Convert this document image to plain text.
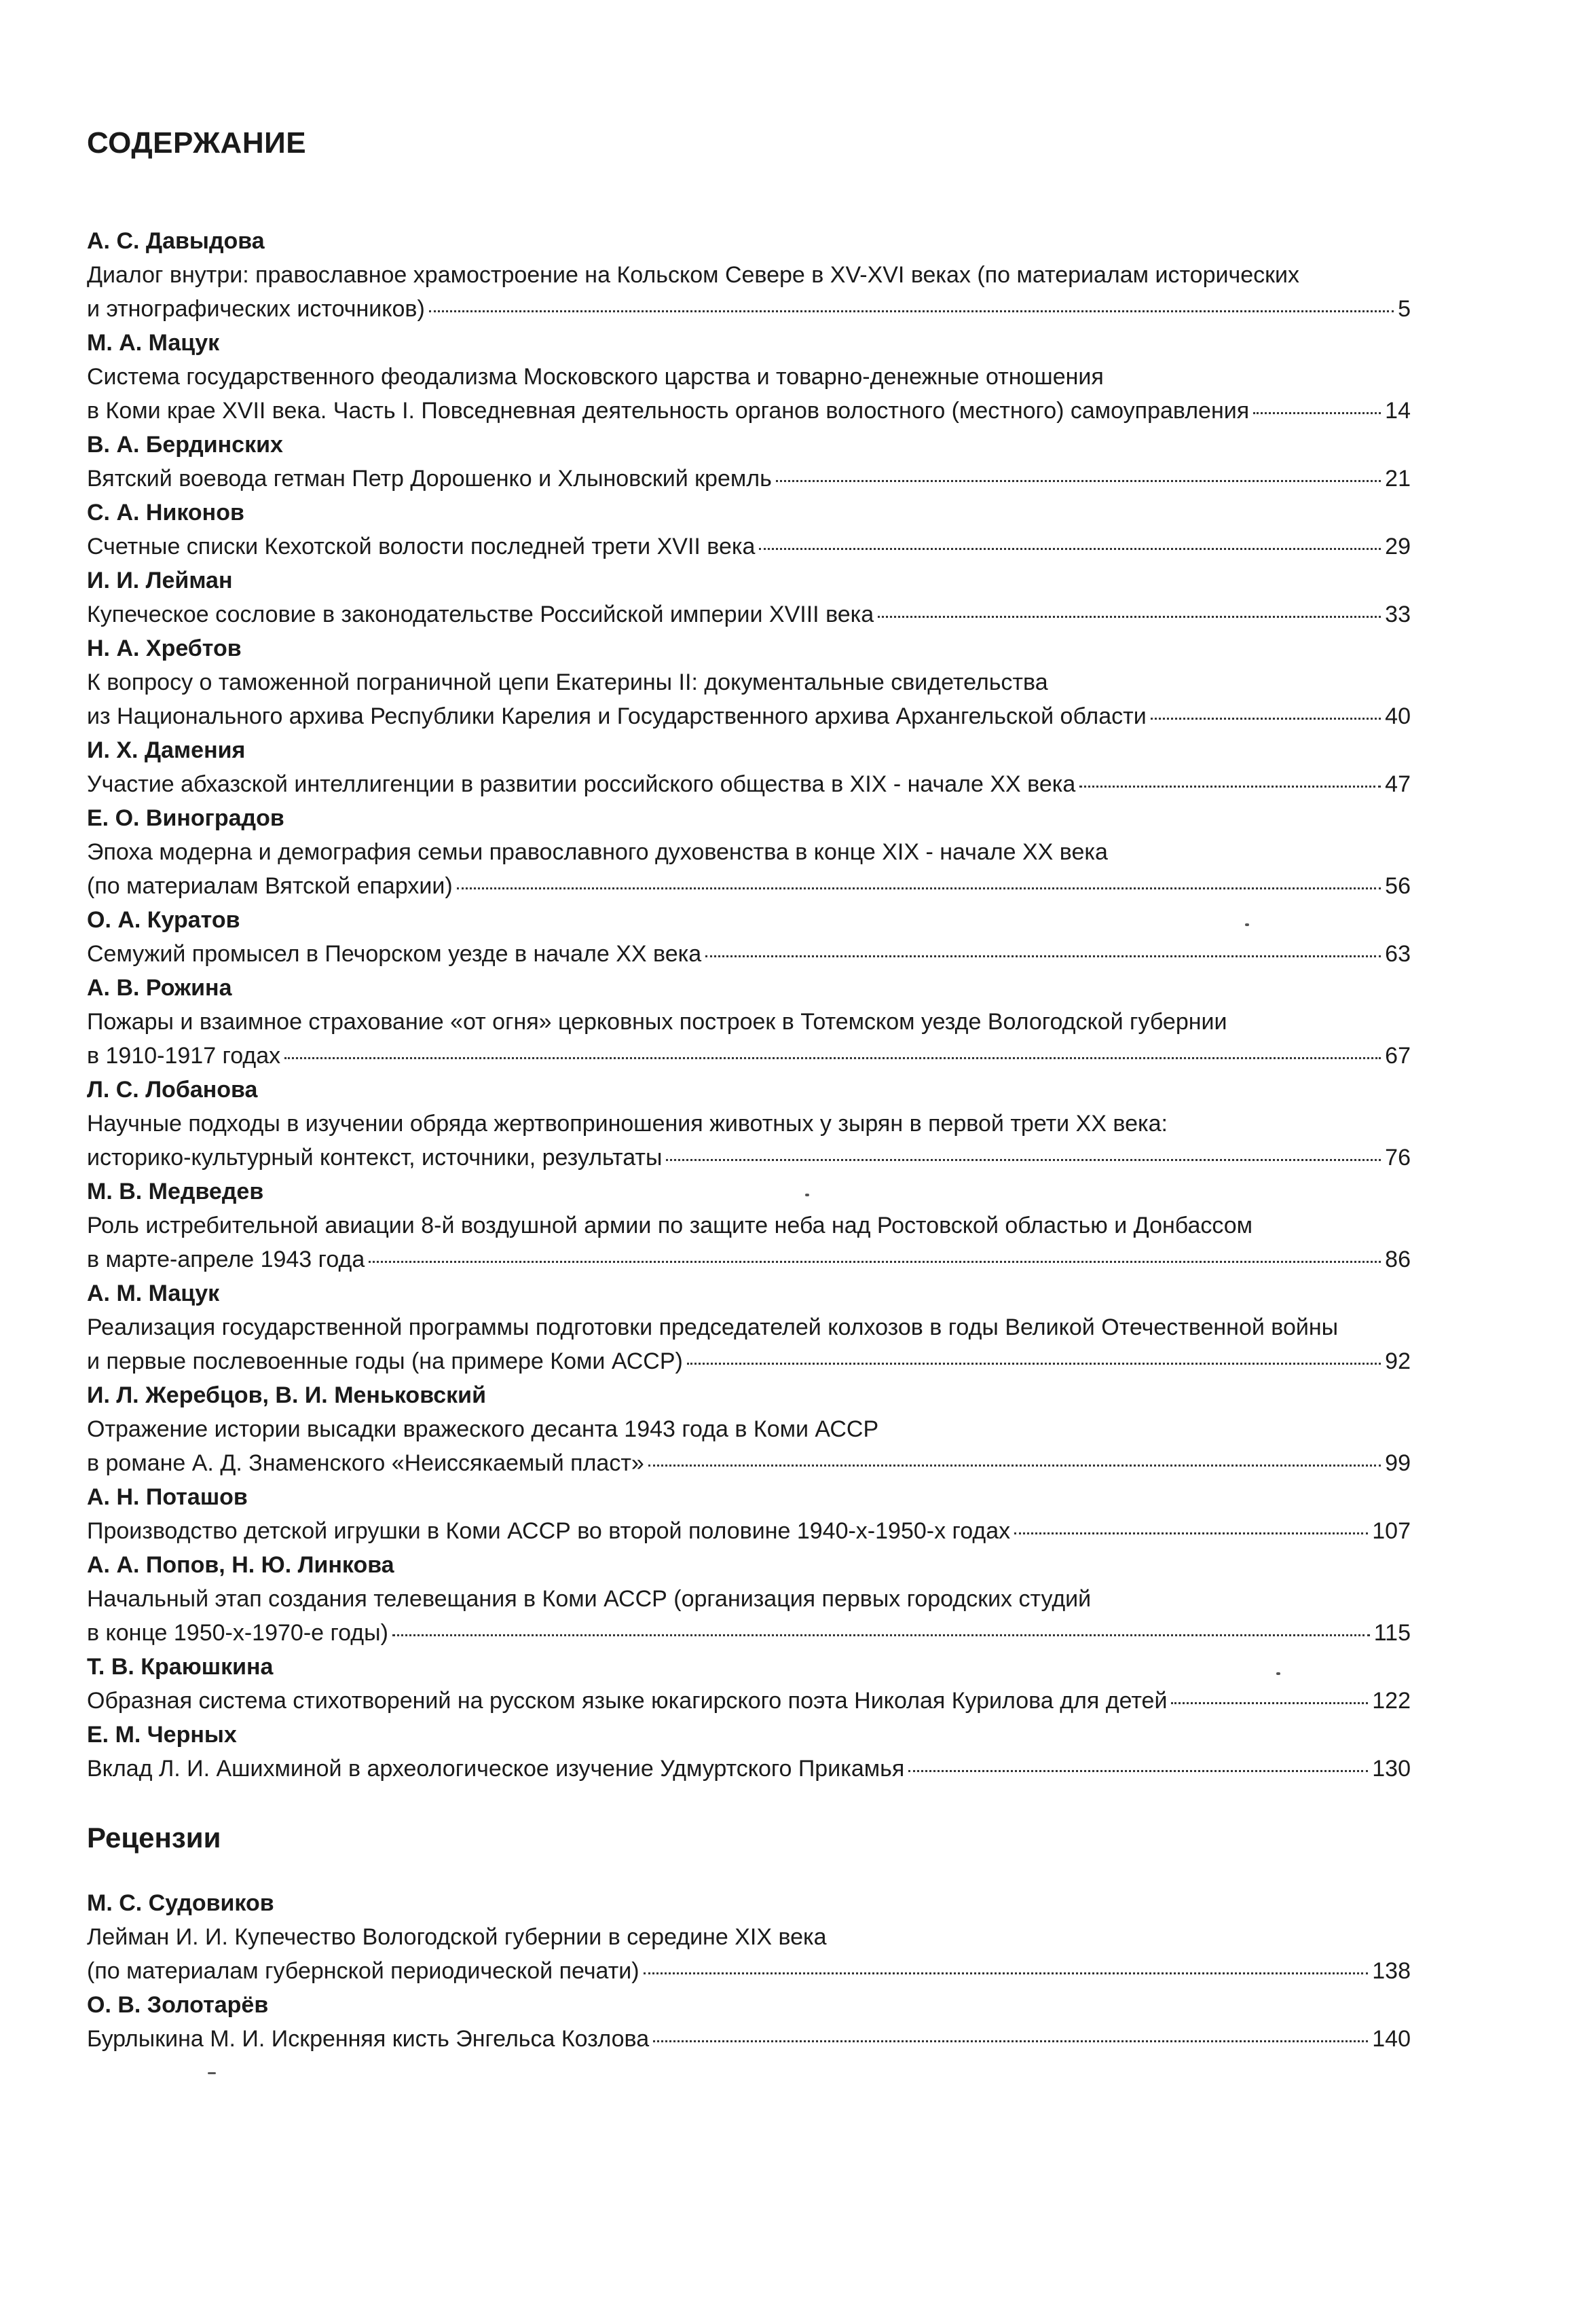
СОДЕРЖАНИЕ
А. С. Давыдова
Диалог внутри: православное храмостроение на Кольском Севере в XV-XVI веках (по материалам исторических
и этнографических источников)	5
М. А. Мацук
Система государственного феодализма Московского царства и товарно-денежные отношения
в Коми крае XVII века. Часть I. Повседневная деятельность органов волостного (местного) самоуправления	14
В. А. Бердинских
Вятский воевода гетман Петр Дорошенко и Хлыновский кремль	21
С. А. Никонов
Счетные списки Кехотской волости последней трети XVII века	29
И. И. Лейман
Купеческое сословие в законодательстве Российской империи XVIII века	33
Н. А. Хребтов
К вопросу о таможенной пограничной цепи Екатерины II: документальные свидетельства
из Национального архива Республики Карелия и Государственного архива Архангельской области	40
И. Х. Дамения
Участие абхазской интеллигенции в развитии российского общества в XIX - начале XX века	47
Е. О. Виноградов
Эпоха модерна и демография семьи православного духовенства в конце XIX - начале XX века
(по материалам Вятской епархии)	56
О. А. Куратов
Семужий промысел в Печорском уезде в начале XX века	63
А. В. Рожина
Пожары и взаимное страхование «от огня» церковных построек в Тотемском уезде Вологодской губернии
в 1910-1917 годах	67
Л. С. Лобанова
Научные подходы в изучении обряда жертвоприношения животных у зырян в первой трети XX века:
историко-культурный контекст, источники, результаты	76
М. В. Медведев
Роль истребительной авиации 8-й воздушной армии по защите неба над Ростовской областью и Донбассом
в марте-апреле 1943 года	86
А. М. Мацук
Реализация государственной программы подготовки председателей колхозов в годы Великой Отечественной войны
и первые послевоенные годы (на примере Коми АССР)	92
И. Л. Жеребцов, В. И. Меньковский
Отражение истории высадки вражеского десанта 1943 года в Коми АССР
в романе А. Д. Знаменского «Неиссякаемый пласт»	99
А. Н. Поташов
Производство детской игрушки в Коми АССР во второй половине 1940-х-1950-х годах	107
А. А. Попов, Н. Ю. Линкова
Начальный этап создания телевещания в Коми АССР (организация первых городских студий
в конце 1950-х-1970-е годы)	115
Т. В. Краюшкина
Образная система стихотворений на русском языке юкагирского поэта Николая Курилова для детей	122
Е. М. Черных
Вклад Л. И. Ашихминой в археологическое изучение Удмуртского Прикамья	130
Рецензии
М. С. Судовиков
Лейман И. И. Купечество Вологодской губернии в середине XIX века
(по материалам губернской периодической печати)	138
О. В. Золотарёв
Бурлыкина М. И. Искренняя кисть Энгельса Козлова	140
